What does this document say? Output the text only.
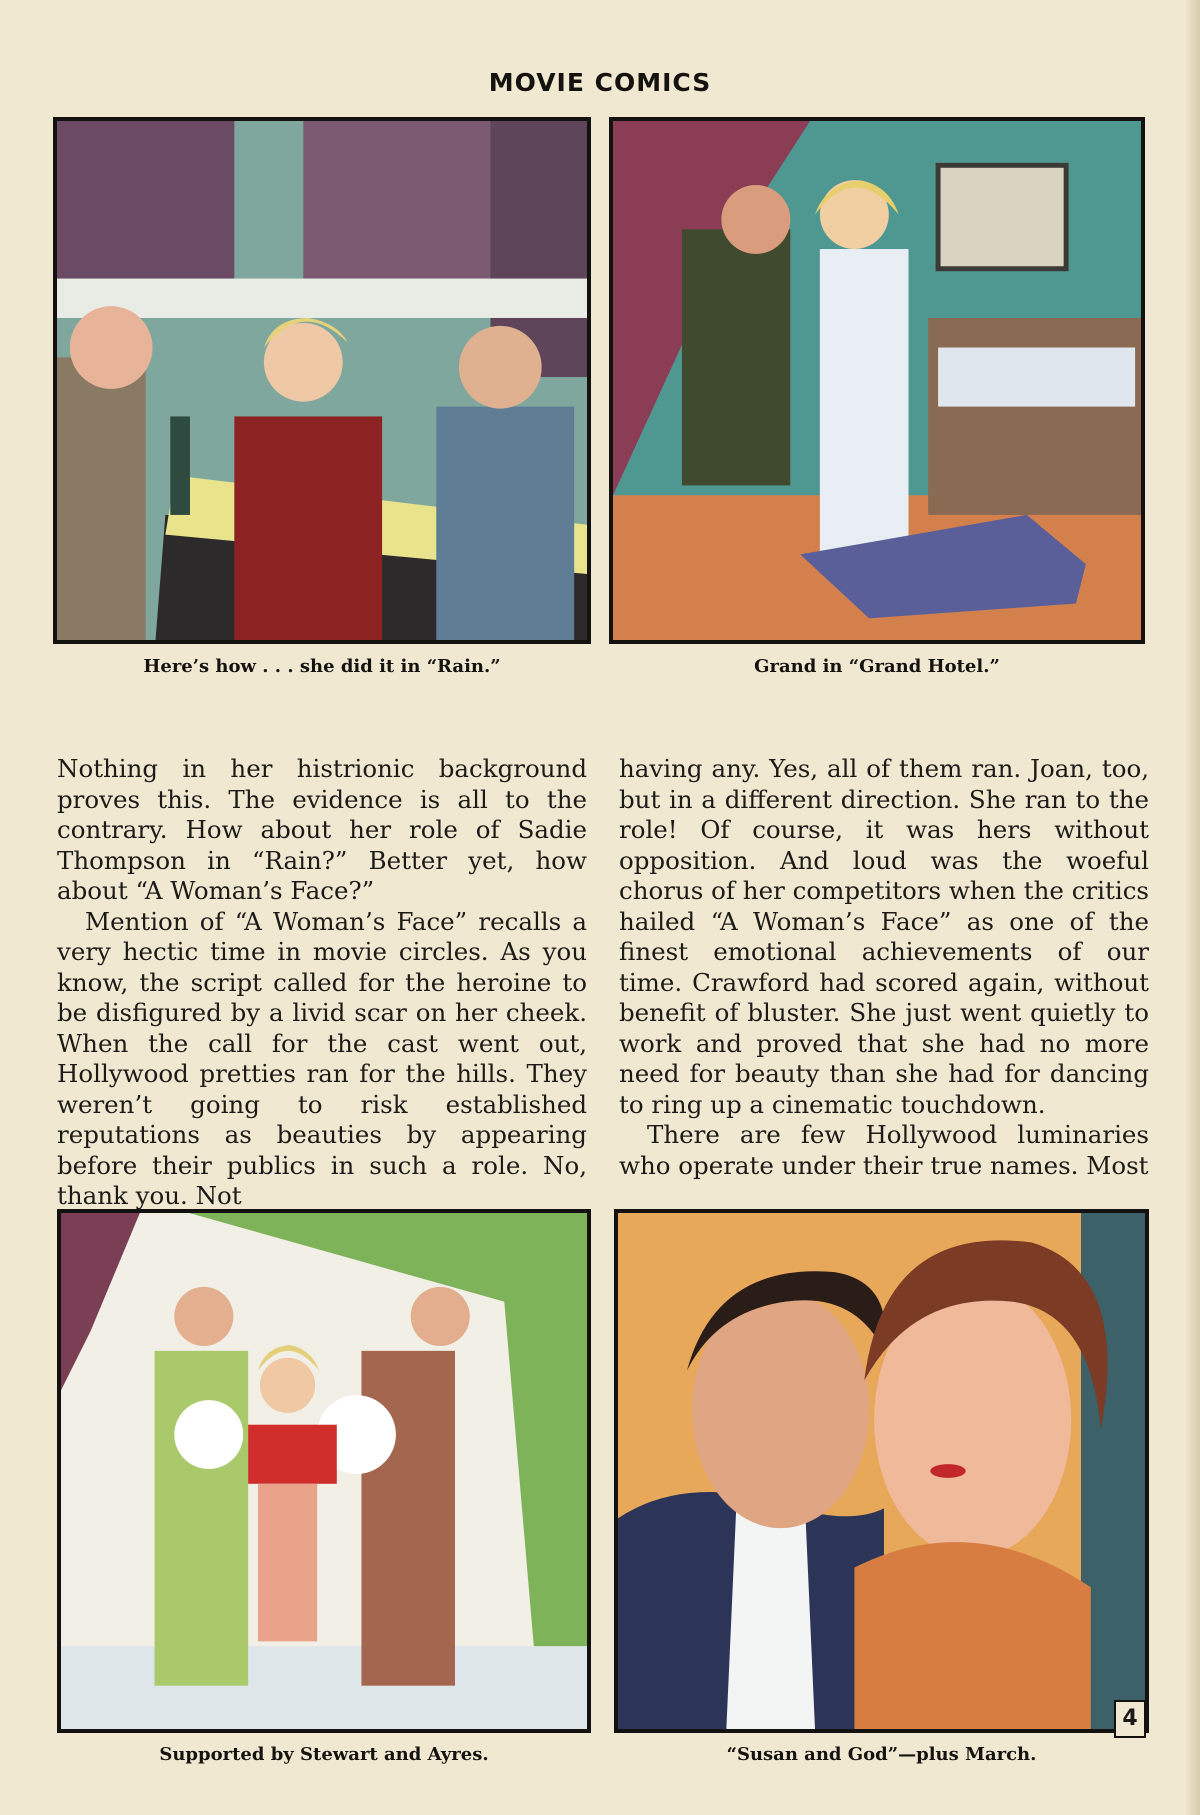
MOVIE COMICS
Here’s how . . . she did it in “Rain.”	Grand in “Grand Hotel.”

Nothing in her histrionic background proves this. The evidence is all to the contrary. How about her role of Sadie Thompson in “Rain?” Better yet, how about “A Woman’s Face?”

Mention of “A Woman’s Face” recalls a very hectic time in movie circles. As you know, the script called for the heroine to be disfigured by a livid scar on her cheek. When the call for the cast went out, Hollywood pretties ran for the hills. They weren’t going to risk established reputations as beauties by appearing before their publics in such a role. No, thank you. Not

having any. Yes, all of them ran. Joan, too, but in a different direction. She ran to the role! Of course, it was hers without opposition. And loud was the woeful chorus of her competitors when the critics hailed “A Woman’s Face” as one of the finest emotional achievements of our time. Crawford had scored again, without benefit of bluster. She just went quietly to work and proved that she had no more need for beauty than she had for dancing to ring up a cinematic touchdown.

There are few Hollywood luminaries who operate under their true names. Most

Supported by Stewart and Ayres.	“Susan and God”—plus March.
4
